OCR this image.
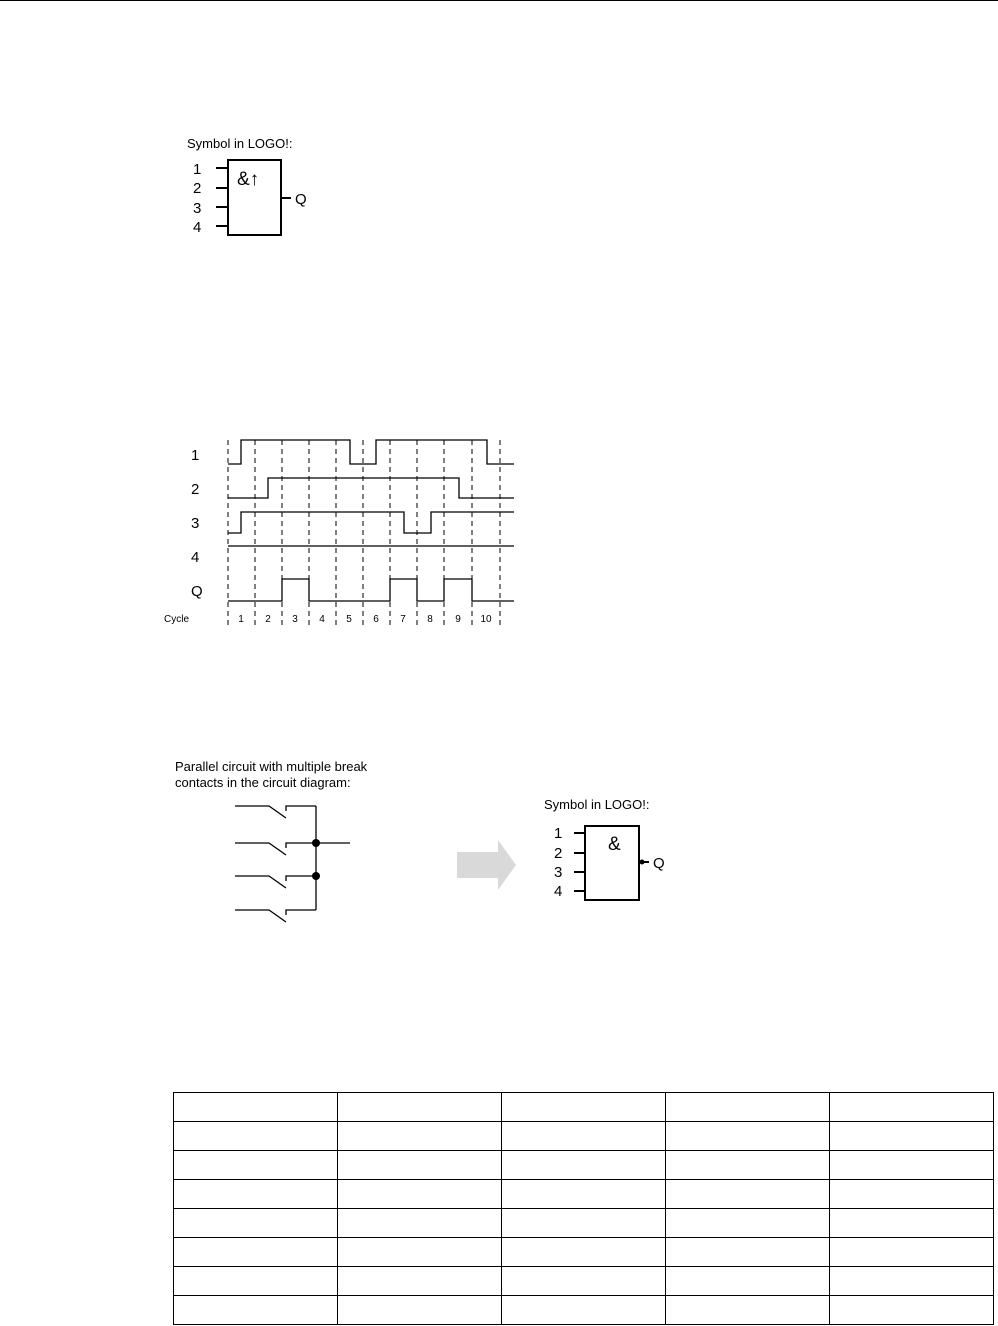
Symbol in LOGO!:
&↑
1
2
3
4
Q
1
2
3
4
Q
Cycle	1 2 3 4 5 6 7 8 9 10
Parallel circuit with multiple break
contacts in the circuit diagram:
Symbol in LOGO!:
&
1
2
3
4
Q
